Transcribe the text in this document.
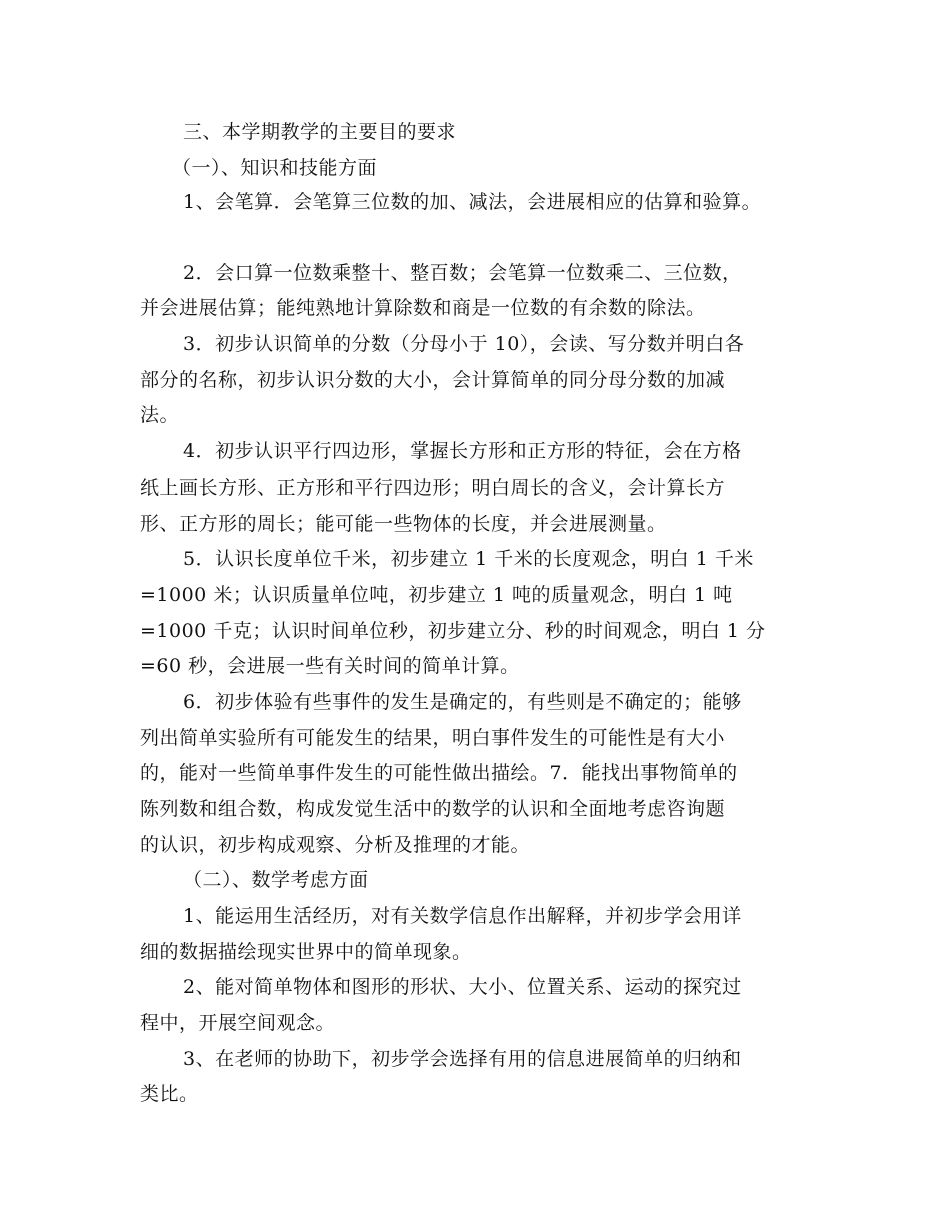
三、本学期教学的主要目的要求

（一）、知识和技能方面

1、会笔算．会笔算三位数的加、减法，会进展相应的估算和验算。

2．会口算一位数乘整十、整百数；会笔算一位数乘二、三位数，

并会进展估算；能纯熟地计算除数和商是一位数的有余数的除法。

3．初步认识简单的分数（分母小于 10），会读、写分数并明白各

部分的名称，初步认识分数的大小，会计算简单的同分母分数的加减

法。

4．初步认识平行四边形，掌握长方形和正方形的特征，会在方格

纸上画长方形、正方形和平行四边形；明白周长的含义，会计算长方

形、正方形的周长；能可能一些物体的长度，并会进展测量。

5．认识长度单位千米，初步建立 1 千米的长度观念，明白 1 千米

=1000 米；认识质量单位吨，初步建立 1 吨的质量观念，明白 1 吨

=1000 千克；认识时间单位秒，初步建立分、秒的时间观念，明白 1 分

=60 秒，会进展一些有关时间的简单计算。

6．初步体验有些事件的发生是确定的，有些则是不确定的；能够

列出简单实验所有可能发生的结果，明白事件发生的可能性是有大小

的，能对一些简单事件发生的可能性做出描绘。7．能找出事物简单的

陈列数和组合数，构成发觉生活中的数学的认识和全面地考虑咨询题

的认识，初步构成观察、分析及推理的才能。

（二）、数学考虑方面

1、能运用生活经历，对有关数学信息作出解释，并初步学会用详

细的数据描绘现实世界中的简单现象。

2、能对简单物体和图形的形状、大小、位置关系、运动的探究过

程中，开展空间观念。

3、在老师的协助下，初步学会选择有用的信息进展简单的归纳和

类比。
